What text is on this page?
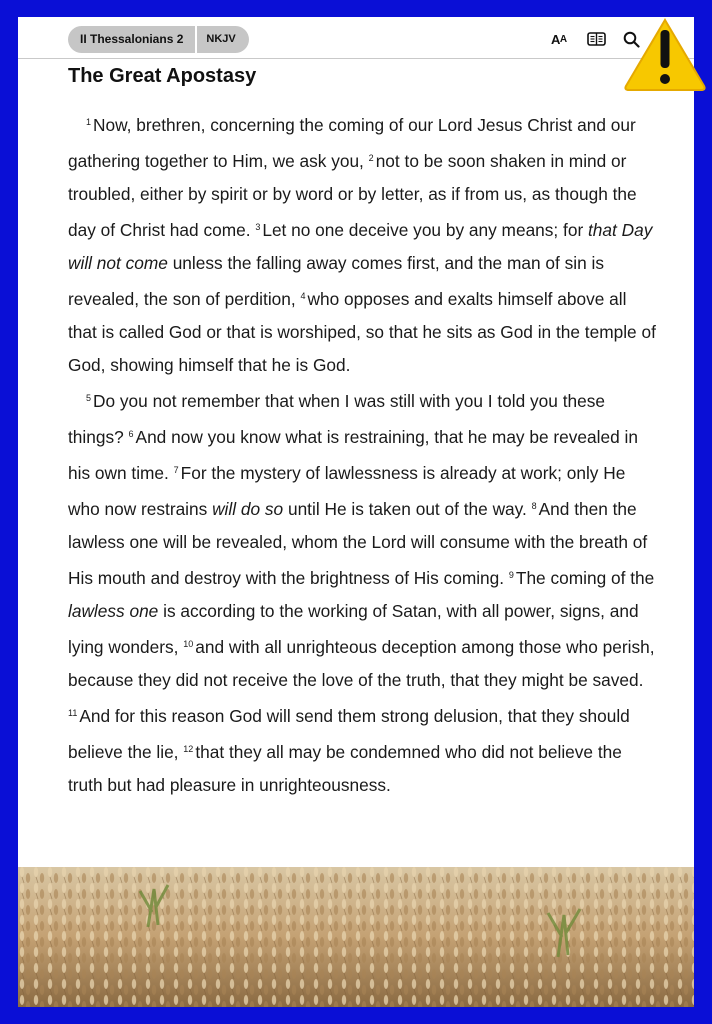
II Thessalonians 2	NKJV	A A
The Great Apostasy

$^1$ Now, brethren, concerning the coming of our Lord Jesus Christ and our gathering together to Him, we ask you, $^2$ not to be soon shaken in mind or troubled, either by spirit or by word or by letter, as if from us, as though the day of Christ had come. $^3$ Let no one deceive you by any means; for that Day will not come unless the falling away comes first, and the man of sin is revealed, the son of perdition, $^4$ who opposes and exalts himself above all that is called God or that is worshiped, so that he sits as God in the temple of God, showing himself that he is God.

$^5$ Do you not remember that when I was still with you I told you these things? $^6$ And now you know what is restraining, that he may be revealed in his own time. $^7$ For the mystery of lawlessness is already at work; only He who now restrains will do so until He is taken out of the way. $^8$ And then the lawless one will be revealed, whom the Lord will consume with the breath of His mouth and destroy with the brightness of His coming. $^9$ The coming of the lawless one is according to the working of Satan, with all power, signs, and lying wonders, $^{10}$ and with all unrighteous deception among those who perish, because they did not receive the love of the truth, that they might be saved. $^{11}$ And for this reason God will send them strong delusion, that they should believe the lie, $^{12}$ that they all may be condemned who did not believe the truth but had pleasure in unrighteousness.
